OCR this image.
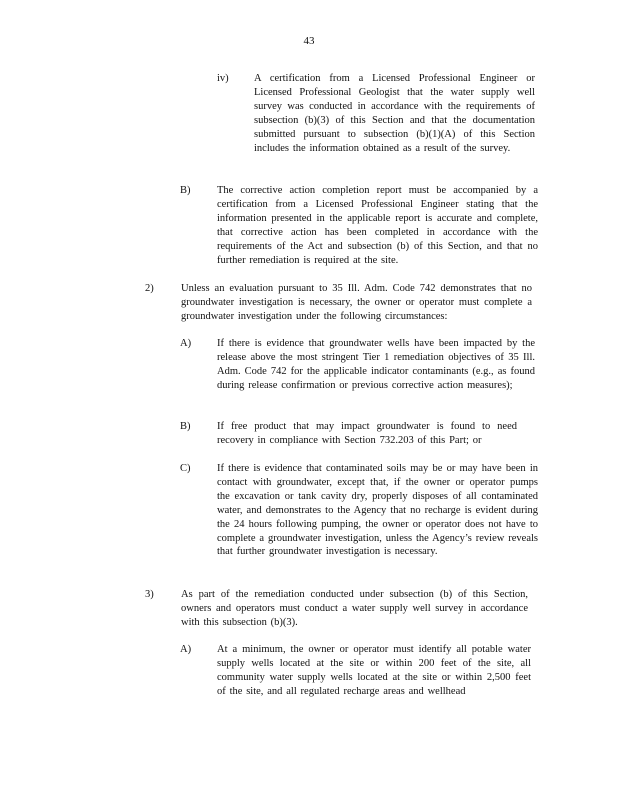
43
iv) A certification from a Licensed Professional Engineer or Licensed Professional Geologist that the water supply well survey was conducted in accordance with the requirements of subsection (b)(3) of this Section and that the documentation submitted pursuant to subsection (b)(1)(A) of this Section includes the information obtained as a result of the survey.
B)	The corrective action completion report must be accompanied by a certification from a Licensed Professional Engineer stating that the information presented in the applicable report is accurate and complete, that corrective action has been completed in accordance with the requirements of the Act and subsection (b) of this Section, and that no further remediation is required at the site.
2)	Unless an evaluation pursuant to 35 Ill. Adm. Code 742 demonstrates that no groundwater investigation is necessary, the owner or operator must complete a groundwater investigation under the following circumstances:
A) If there is evidence that groundwater wells have been impacted by the release above the most stringent Tier 1 remediation objectives of 35 Ill. Adm. Code 742 for the applicable indicator contaminants (e.g., as found during release confirmation or previous corrective action measures);
B)	If free product that may impact groundwater is found to need recovery in compliance with Section 732.203 of this Part; or
C)	If there is evidence that contaminated soils may be or may have been in contact with groundwater, except that, if the owner or operator pumps the excavation or tank cavity dry, properly disposes of all contaminated water, and demonstrates to the Agency that no recharge is evident during the 24 hours following pumping, the owner or operator does not have to complete a groundwater investigation, unless the Agency’s review reveals that further groundwater investigation is necessary.
3)	As part of the remediation conducted under subsection (b) of this Section, owners and operators must conduct a water supply well survey in accordance with this subsection (b)(3).
A) At a minimum, the owner or operator must identify all potable water supply wells located at the site or within 200 feet of the site, all community water supply wells located at the site or within 2,500 feet of the site, and all regulated recharge areas and wellhead
